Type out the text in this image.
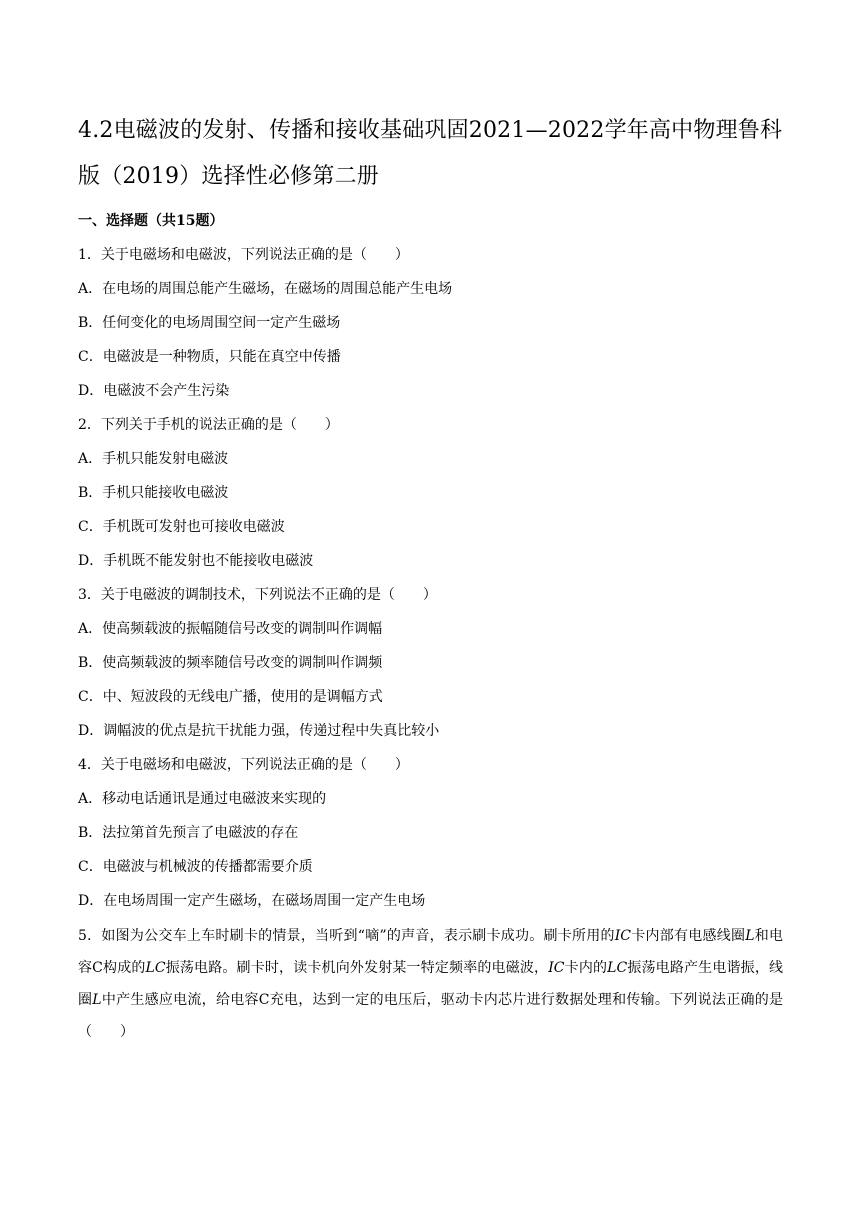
4.2电磁波的发射、传播和接收基础巩固2021—2022学年高中物理鲁科版（2019）选择性必修第二册
一、选择题（共15题）
1．关于电磁场和电磁波，下列说法正确的是（　　）
A．在电场的周围总能产生磁场，在磁场的周围总能产生电场
B．任何变化的电场周围空间一定产生磁场
C．电磁波是一种物质，只能在真空中传播
D．电磁波不会产生污染
2．下列关于手机的说法正确的是（　　）
A．手机只能发射电磁波
B．手机只能接收电磁波
C．手机既可发射也可接收电磁波
D．手机既不能发射也不能接收电磁波
3．关于电磁波的调制技术，下列说法不正确的是（　　）
A．使高频载波的振幅随信号改变的调制叫作调幅
B．使高频载波的频率随信号改变的调制叫作调频
C．中、短波段的无线电广播，使用的是调幅方式
D．调幅波的优点是抗干扰能力强，传递过程中失真比较小
4．关于电磁场和电磁波，下列说法正确的是（　　）
A．移动电话通讯是通过电磁波来实现的
B．法拉第首先预言了电磁波的存在
C．电磁波与机械波的传播都需要介质
D．在电场周围一定产生磁场，在磁场周围一定产生电场
5．如图为公交车上车时刷卡的情景，当听到“嘀”的声音，表示刷卡成功。刷卡所用的IC卡内部有电感线圈L和电容C构成的LC振荡电路。刷卡时，读卡机向外发射某一特定频率的电磁波，IC卡内的LC振荡电路产生电谐振，线圈L中产生感应电流，给电容C充电，达到一定的电压后，驱动卡内芯片进行数据处理和传输。下列说法正确的是（　　）
